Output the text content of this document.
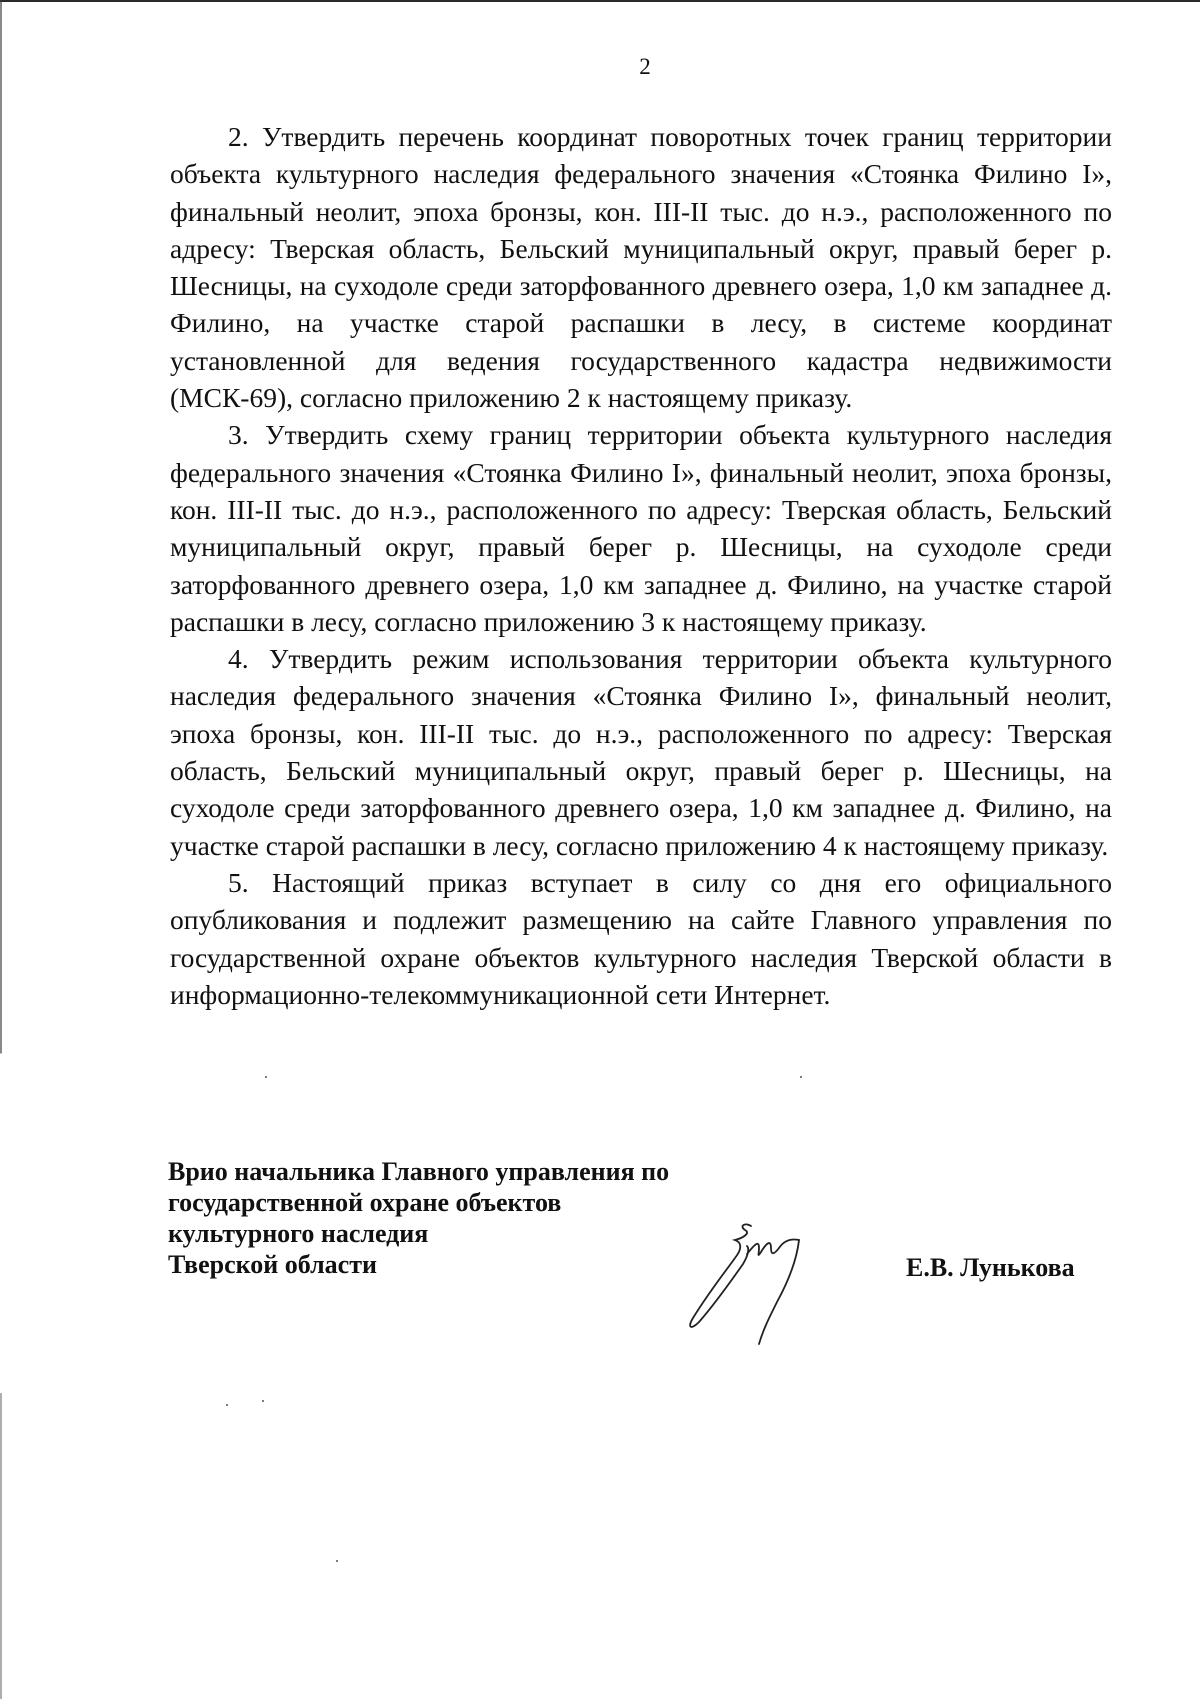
2

2. Утвердить перечень координат поворотных точек границ территории объекта культурного наследия федерального значения «Стоянка Филино I», финальный неолит, эпоха бронзы, кон. III-II тыс. до н.э., расположенного по адресу: Тверская область, Бельский муниципальный округ, правый берег р. Шесницы, на суходоле среди заторфованного древнего озера, 1,0 км западнее д. Филино, на участке старой распашки в лесу, в системе координат установленной для ведения государственного кадастра недвижимости (МСК-69), согласно приложению 2 к настоящему приказу.

3. Утвердить схему границ территории объекта культурного наследия федерального значения «Стоянка Филино I», финальный неолит, эпоха бронзы, кон. III-II тыс. до н.э., расположенного по адресу: Тверская область, Бельский муниципальный округ, правый берег р. Шесницы, на суходоле среди заторфованного древнего озера, 1,0 км западнее д. Филино, на участке старой распашки в лесу, согласно приложению 3 к настоящему приказу.

4. Утвердить режим использования территории объекта культурного наследия федерального значения «Стоянка Филино I», финальный неолит, эпоха бронзы, кон. III-II тыс. до н.э., расположенного по адресу: Тверская область, Бельский муниципальный округ, правый берег р. Шесницы, на суходоле среди заторфованного древнего озера, 1,0 км западнее д. Филино, на участке старой распашки в лесу, согласно приложению 4 к настоящему приказу.

5. Настоящий приказ вступает в силу со дня его официального опубликования и подлежит размещению на сайте Главного управления по государственной охране объектов культурного наследия Тверской области в информационно-телекоммуникационной сети Интернет.

Врио начальника Главного управления по

государственной охране объектов

культурного наследия

Тверской области	Е.В. Лунькова
